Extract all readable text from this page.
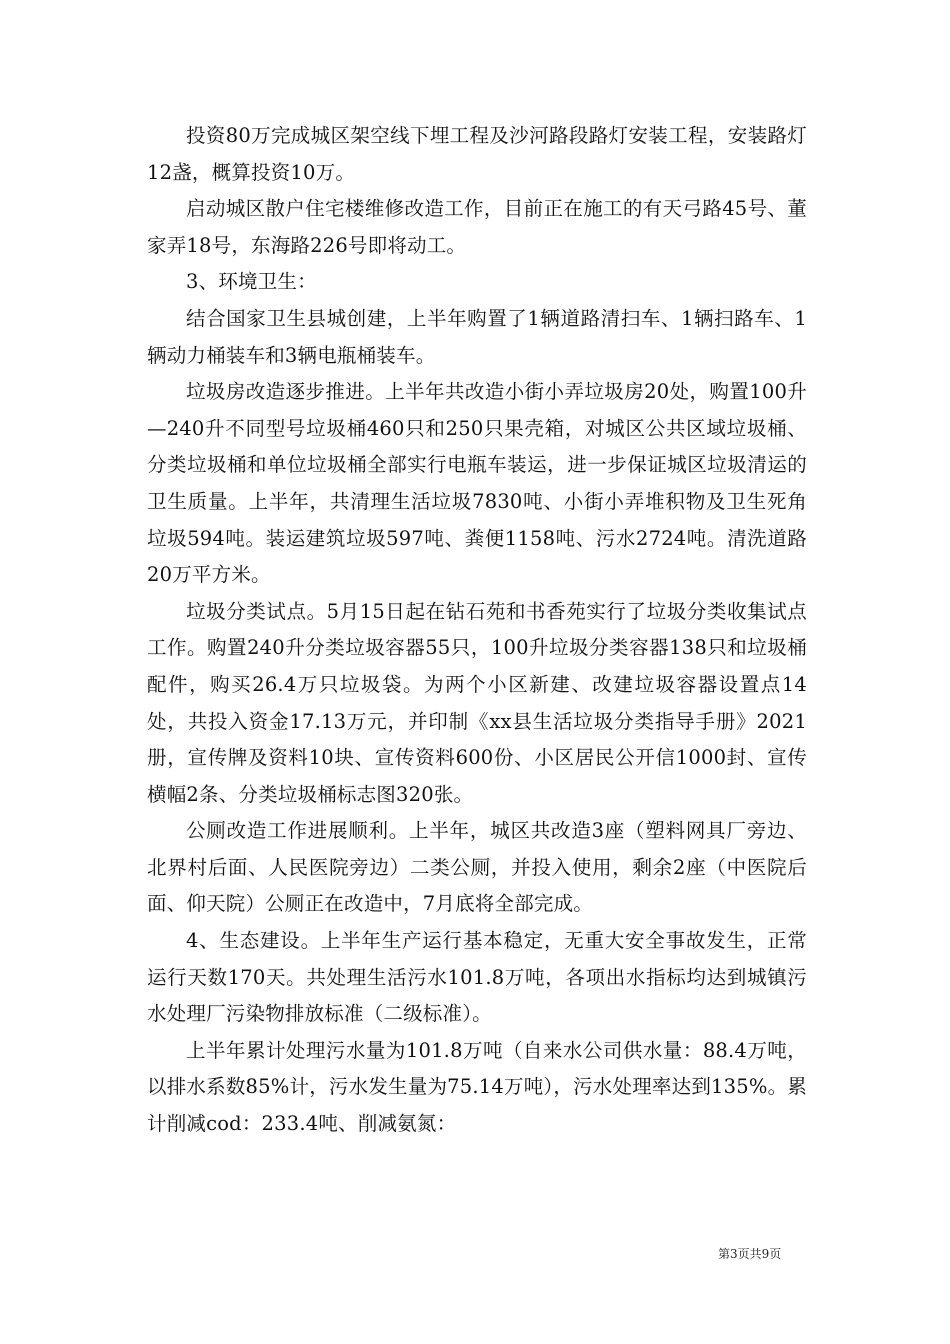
投资80万完成城区架空线下埋工程及沙河路段路灯安装工程，安装路灯12盏，概算投资10万。

启动城区散户住宅楼维修改造工作，目前正在施工的有天弓路45号、董家弄18号，东海路226号即将动工。

3、环境卫生：

结合国家卫生县城创建，上半年购置了1辆道路清扫车、1辆扫路车、1辆动力桶装车和3辆电瓶桶装车。

垃圾房改造逐步推进。上半年共改造小街小弄垃圾房20处，购置100升—240升不同型号垃圾桶460只和250只果壳箱，对城区公共区域垃圾桶、分类垃圾桶和单位垃圾桶全部实行电瓶车装运，进一步保证城区垃圾清运的卫生质量。上半年，共清理生活垃圾7830吨、小街小弄堆积物及卫生死角垃圾594吨。装运建筑垃圾597吨、粪便1158吨、污水2724吨。清洗道路20万平方米。

垃圾分类试点。5月15日起在钻石苑和书香苑实行了垃圾分类收集试点工作。购置240升分类垃圾容器55只，100升垃圾分类容器138只和垃圾桶配件，购买26.4万只垃圾袋。为两个小区新建、改建垃圾容器设置点14处，共投入资金17.13万元，并印制《xx县生活垃圾分类指导手册》2021册，宣传牌及资料10块、宣传资料600份、小区居民公开信1000封、宣传横幅2条、分类垃圾桶标志图320张。

公厕改造工作进展顺利。上半年，城区共改造3座（塑料网具厂旁边、北界村后面、人民医院旁边）二类公厕，并投入使用，剩余2座（中医院后面、仰天院）公厕正在改造中，7月底将全部完成。

4、生态建设。上半年生产运行基本稳定，无重大安全事故发生，正常运行天数170天。共处理生活污水101.8万吨，各项出水指标均达到城镇污水处理厂污染物排放标准（二级标准）。

上半年累计处理污水量为101.8万吨（自来水公司供水量：88.4万吨，以排水系数85%计，污水发生量为75.14万吨），污水处理率达到135%。累计削减cod：233.4吨、削减氨氮：

第3页共9页
